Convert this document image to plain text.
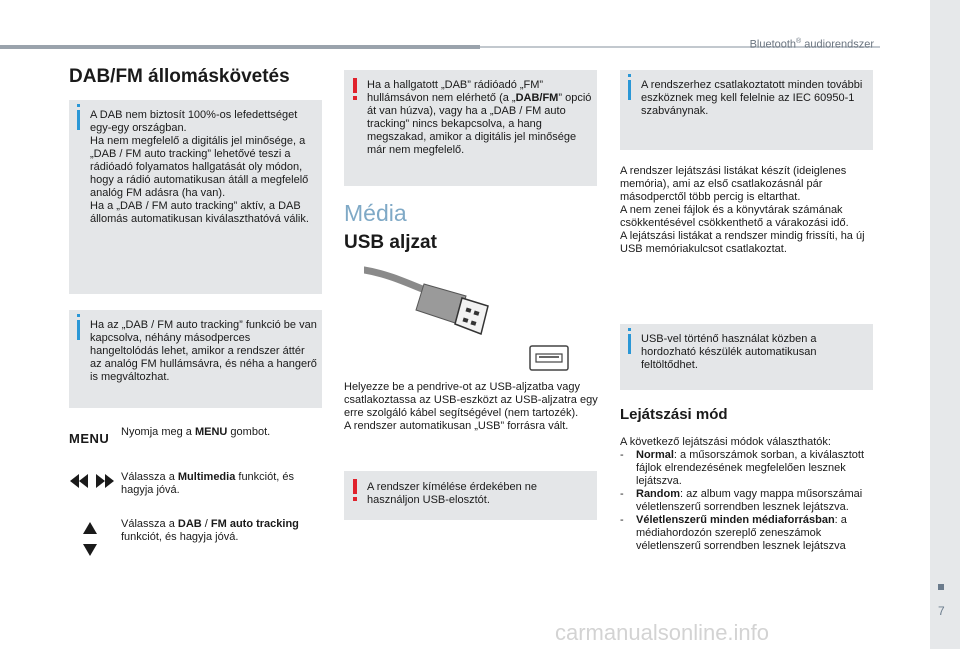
Bluetooth® audiorendszer
7
DAB/FM állomáskövetés

A DAB nem biztosít 100%-os lefedettséget egy-egy országban.
Ha nem megfelelő a digitális jel minősége, a „DAB / FM auto tracking” lehetővé teszi a rádióadó folyamatos hallgatását oly módon, hogy a rádió automatikusan átáll a megfelelő analóg FM adásra (ha van).
Ha a „DAB / FM auto tracking” aktív, a DAB állomás automatikusan kiválaszthatóvá válik.

Ha az „DAB / FM auto tracking” funkció be van kapcsolva, néhány másodperces hangeltolódás lehet, amikor a rendszer áttér az analóg FM hullámsávra, és néha a hangerő is megváltozhat.

MENU Nyomja meg a MENU gombot.

Válassza a Multimedia funkciót, és hagyja jóvá.

Válassza a DAB / FM auto tracking funkciót, és hagyja jóvá.

Ha a hallgatott „DAB” rádióadó „FM” hullámsávon nem elérhető (a „DAB/FM” opció át van húzva), vagy ha a „DAB / FM auto tracking” nincs bekapcsolva, a hang megszakad, amikor a digitális jel minősége már nem megfelelő.

Média
USB aljzat

Helyezze be a pendrive-ot az USB-aljzatba vagy csatlakoztassa az USB-eszközt az USB-aljzatra egy erre szolgáló kábel segítségével (nem tartozék).
A rendszer automatikusan „USB” forrásra vált.

A rendszer kímélése érdekében ne használjon USB-elosztót.

A rendszerhez csatlakoztatott minden további eszköznek meg kell felelnie az IEC 60950-1 szabványnak.

A rendszer lejátszási listákat készít (ideiglenes memória), ami az első csatlakozásnál pár másodperctől több percig is eltarthat.
A nem zenei fájlok és a könyvtárak számának csökkentésével csökkenthető a várakozási idő.
A lejátszási listákat a rendszer mindig frissíti, ha új USB memóriakulcsot csatlakoztat.

USB-vel történő használat közben a hordozható készülék automatikusan feltöltődhet.

Lejátszási mód

A következő lejátszási módok választhatók:

- Normal: a műsorszámok sorban, a kiválasztott fájlok elrendezésének megfelelően lesznek lejátszva.
- Random: az album vagy mappa műsorszámai véletlenszerű sorrendben lesznek lejátszva.
- Véletlenszerű minden médiaforrásban: a médiahordozón szereplő zeneszámok véletlenszerű sorrendben lesznek lejátszva
carmanualsonline.info
